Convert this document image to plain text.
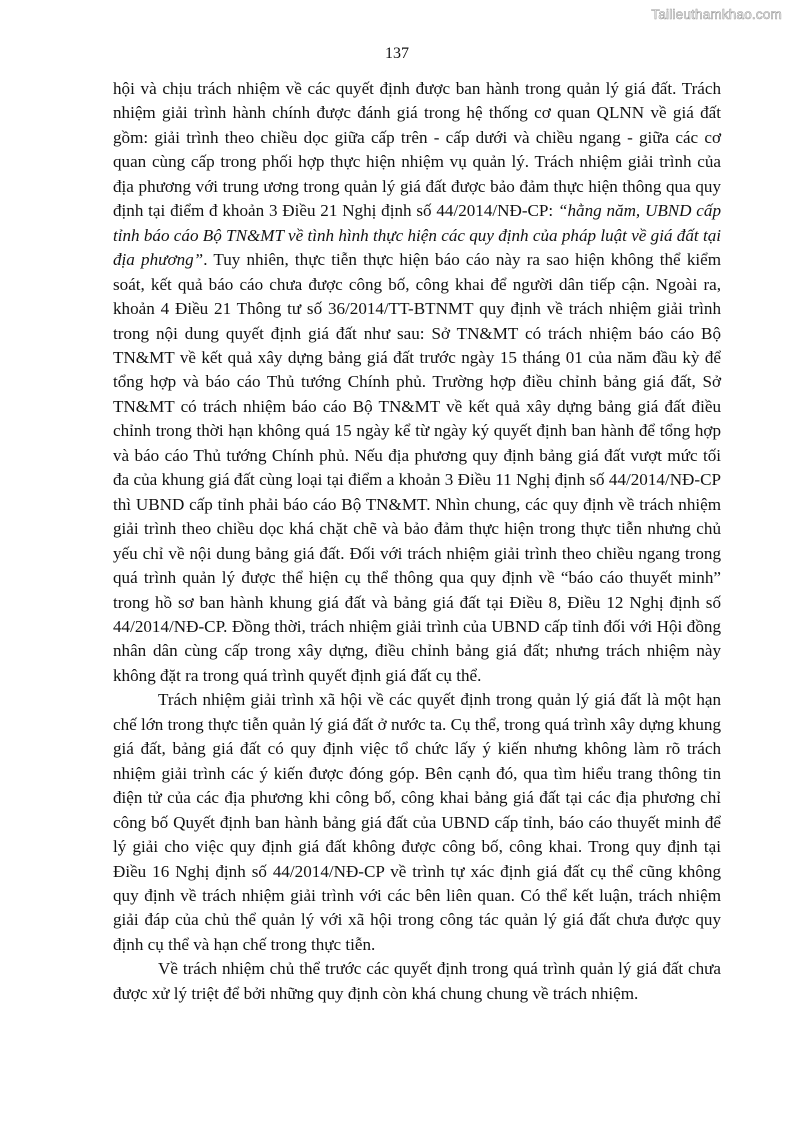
Tailieuthamkhao.com
137

hội và chịu trách nhiệm về các quyết định được ban hành trong quản lý giá đất. Trách nhiệm giải trình hành chính được đánh giá trong hệ thống cơ quan QLNN về giá đất gồm: giải trình theo chiều dọc giữa cấp trên - cấp dưới và chiều ngang - giữa các cơ quan cùng cấp trong phối hợp thực hiện nhiệm vụ quản lý. Trách nhiệm giải trình của địa phương với trung ương trong quản lý giá đất được bảo đảm thực hiện thông qua quy định tại điểm đ khoản 3 Điều 21 Nghị định số 44/2014/NĐ-CP: “hằng năm, UBND cấp tỉnh báo cáo Bộ TN&MT về tình hình thực hiện các quy định của pháp luật về giá đất tại địa phương”. Tuy nhiên, thực tiễn thực hiện báo cáo này ra sao hiện không thể kiểm soát, kết quả báo cáo chưa được công bố, công khai để người dân tiếp cận. Ngoài ra, khoản 4 Điều 21 Thông tư số 36/2014/TT-BTNMT quy định về trách nhiệm giải trình trong nội dung quyết định giá đất như sau: Sở TN&MT có trách nhiệm báo cáo Bộ TN&MT về kết quả xây dựng bảng giá đất trước ngày 15 tháng 01 của năm đầu kỳ để tổng hợp và báo cáo Thủ tướng Chính phủ. Trường hợp điều chỉnh bảng giá đất, Sở TN&MT có trách nhiệm báo cáo Bộ TN&MT về kết quả xây dựng bảng giá đất điều chỉnh trong thời hạn không quá 15 ngày kể từ ngày ký quyết định ban hành để tổng hợp và báo cáo Thủ tướng Chính phủ. Nếu địa phương quy định bảng giá đất vượt mức tối đa của khung giá đất cùng loại tại điểm a khoản 3 Điều 11 Nghị định số 44/2014/NĐ-CP thì UBND cấp tỉnh phải báo cáo Bộ TN&MT. Nhìn chung, các quy định về trách nhiệm giải trình theo chiều dọc khá chặt chẽ và bảo đảm thực hiện trong thực tiễn nhưng chủ yếu chỉ về nội dung bảng giá đất. Đối với trách nhiệm giải trình theo chiều ngang trong quá trình quản lý được thể hiện cụ thể thông qua quy định về “báo cáo thuyết minh” trong hồ sơ ban hành khung giá đất và bảng giá đất tại Điều 8, Điều 12 Nghị định số 44/2014/NĐ-CP. Đồng thời, trách nhiệm giải trình của UBND cấp tỉnh đối với Hội đồng nhân dân cùng cấp trong xây dựng, điều chỉnh bảng giá đất; nhưng trách nhiệm này không đặt ra trong quá trình quyết định giá đất cụ thể.

Trách nhiệm giải trình xã hội về các quyết định trong quản lý giá đất là một hạn chế lớn trong thực tiễn quản lý giá đất ở nước ta. Cụ thể, trong quá trình xây dựng khung giá đất, bảng giá đất có quy định việc tổ chức lấy ý kiến nhưng không làm rõ trách nhiệm giải trình các ý kiến được đóng góp. Bên cạnh đó, qua tìm hiểu trang thông tin điện tử của các địa phương khi công bố, công khai bảng giá đất tại các địa phương chỉ công bố Quyết định ban hành bảng giá đất của UBND cấp tỉnh, báo cáo thuyết minh để lý giải cho việc quy định giá đất không được công bố, công khai. Trong quy định tại Điều 16 Nghị định số 44/2014/NĐ-CP về trình tự xác định giá đất cụ thể cũng không quy định về trách nhiệm giải trình với các bên liên quan. Có thể kết luận, trách nhiệm giải đáp của chủ thể quản lý với xã hội trong công tác quản lý giá đất chưa được quy định cụ thể và hạn chế trong thực tiễn.

Về trách nhiệm chủ thể trước các quyết định trong quá trình quản lý giá đất chưa được xử lý triệt để bởi những quy định còn khá chung chung về trách nhiệm.
